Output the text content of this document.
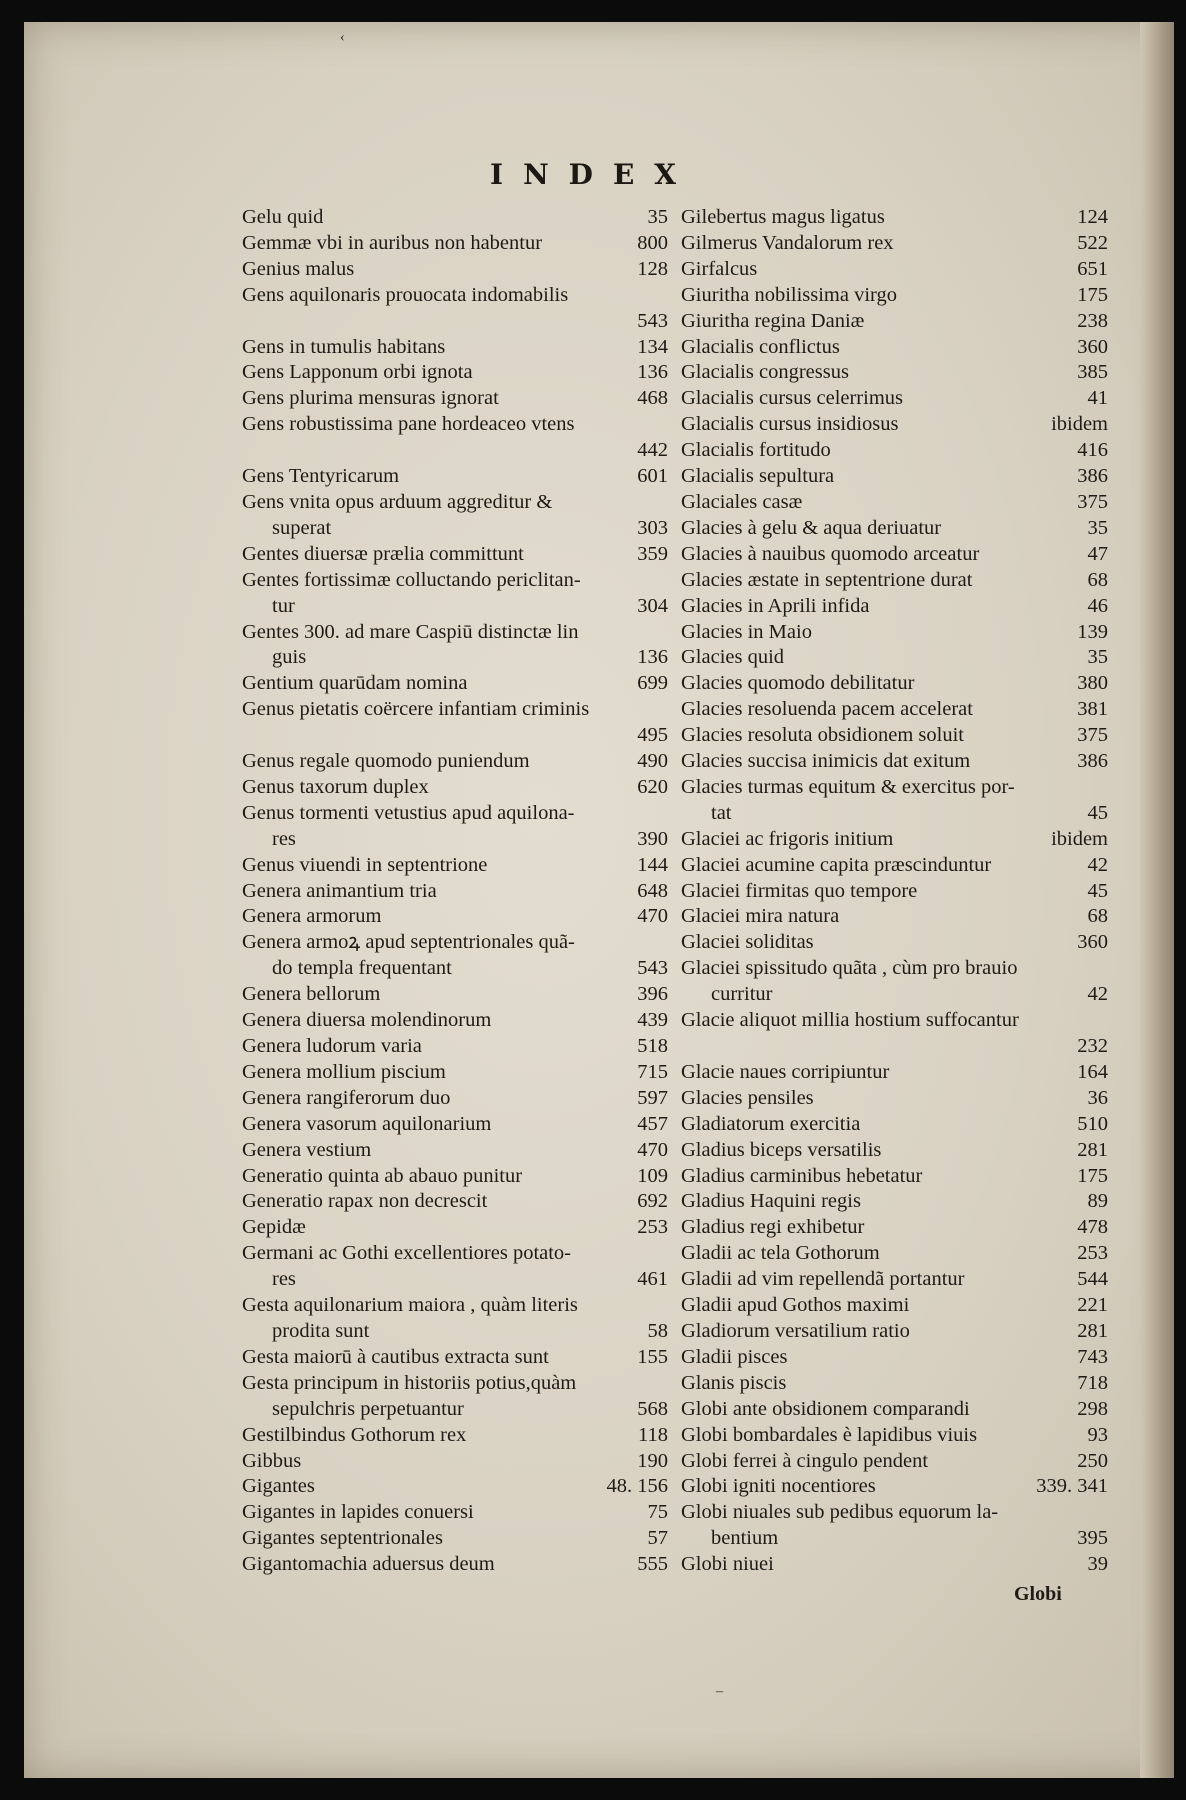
INDEX
Gelu quid	35
Gemmæ vbi in auribus non habentur	800
Genius malus	128
Gens aquilonaris prouocata indomabilis
543
Gens in tumulis habitans	134
Gens Lapponum orbi ignota	136
Gens plurima mensuras ignorat	468
Gens robustissima pane hordeaceo vtens
442
Gens Tentyricarum	601
Gens vnita opus arduum aggreditur &
superat	303
Gentes diuersæ prælia committunt	359
Gentes fortissimæ colluctando periclitan-
tur	304
Gentes 300. ad mare Caspiū distinctæ lin
guis	136
Gentium quarūdam nomina	699
Genus pietatis coërcere infantiam criminis
495
Genus regale quomodo puniendum	490
Genus taxorum duplex	620
Genus tormenti vetustius apud aquilona-
res	390
Genus viuendi in septentrione	144
Genera animantium tria	648
Genera armorum	470
Genera armoꝝ apud septentrionales quã-
do templa frequentant	543
Genera bellorum	396
Genera diuersa molendinorum	439
Genera ludorum varia	518
Genera mollium piscium	715
Genera rangiferorum duo	597
Genera vasorum aquilonarium	457
Genera vestium	470
Generatio quinta ab abauo punitur	109
Generatio rapax non decrescit	692
Gepidæ	253
Germani ac Gothi excellentiores potato-
res	461
Gesta aquilonarium maiora , quàm literis
prodita sunt	58
Gesta maiorū à cautibus extracta sunt	155
Gesta principum in historiis potius,quàm
sepulchris perpetuantur	568
Gestilbindus Gothorum rex	118
Gibbus	190
Gigantes	48. 156
Gigantes in lapides conuersi	75
Gigantes septentrionales	57
Gigantomachia aduersus deum	555
Gilebertus magus ligatus	124
Gilmerus Vandalorum rex	522
Girfalcus	651
Giuritha nobilissima virgo	175
Giuritha regina Daniæ	238
Glacialis conflictus	360
Glacialis congressus	385
Glacialis cursus celerrimus	41
Glacialis cursus insidiosus	ibidem
Glacialis fortitudo	416
Glacialis sepultura	386
Glaciales casæ	375
Glacies à gelu & aqua deriuatur	35
Glacies à nauibus quomodo arceatur	47
Glacies æstate in septentrione durat	68
Glacies in Aprili infida	46
Glacies in Maio	139
Glacies quid	35
Glacies quomodo debilitatur	380
Glacies resoluenda pacem accelerat	381
Glacies resoluta obsidionem soluit	375
Glacies succisa inimicis dat exitum	386
Glacies turmas equitum & exercitus por-
tat	45
Glaciei ac frigoris initium	ibidem
Glaciei acumine capita præscinduntur	42
Glaciei firmitas quo tempore	45
Glaciei mira natura	68
Glaciei soliditas	360
Glaciei spissitudo quãta , cùm pro brauio
curritur	42
Glacie aliquot millia hostium suffocantur
232
Glacie naues corripiuntur	164
Glacies pensiles	36
Gladiatorum exercitia	510
Gladius biceps versatilis	281
Gladius carminibus hebetatur	175
Gladius Haquini regis	89
Gladius regi exhibetur	478
Gladii ac tela Gothorum	253
Gladii ad vim repellendã portantur	544
Gladii apud Gothos maximi	221
Gladiorum versatilium ratio	281
Gladii pisces	743
Glanis piscis	718
Globi ante obsidionem comparandi	298
Globi bombardales è lapidibus viuis	93
Globi ferrei à cingulo pendent	250
Globi igniti nocentiores	339. 341
Globi niuales sub pedibus equorum la-
bentium	395
Globi niuei	39
Globi
‹
–
